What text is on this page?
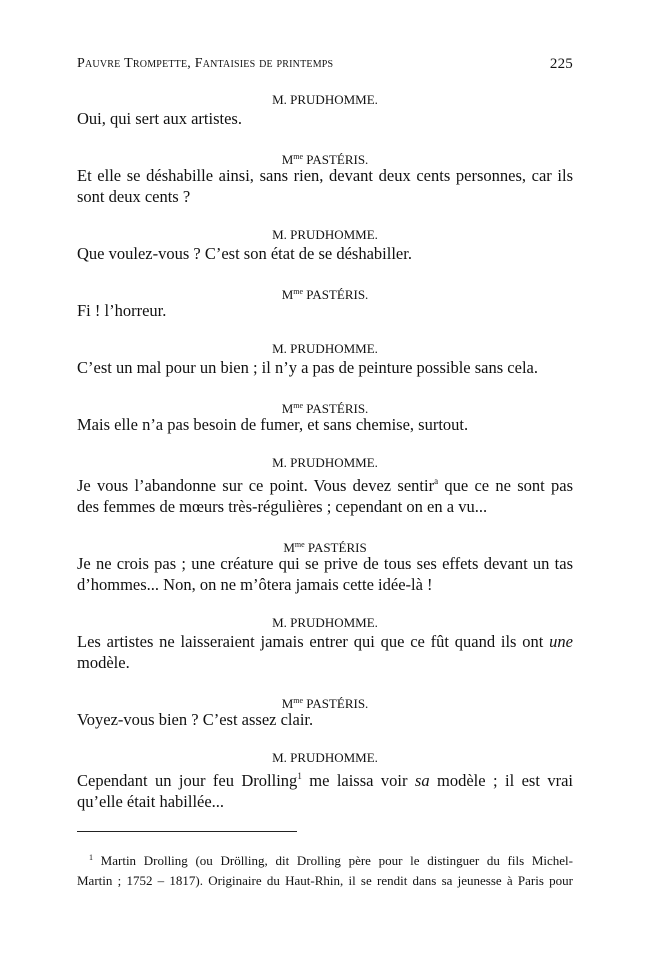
Pauvre Trompette, Fantaisies de printemps	225

M. PRUDHOMME.

Oui, qui sert aux artistes.

$M^{me}$ PASTÉRIS.

Et elle se déshabille ainsi, sans rien, devant deux cents personnes, car ils

sont deux cents ?

M. PRUDHOMME.

Que voulez-vous ? C’est son état de se déshabiller.

$M^{me}$ PASTÉRIS.

Fi ! l’horreur.

M. PRUDHOMME.

C’est un mal pour un bien ; il n’y a pas de peinture possible sans cela.

$M^{me}$ PASTÉRIS.

Mais elle n’a pas besoin de fumer, et sans chemise, surtout.

M. PRUDHOMME.

Je vous l’abandonne sur ce point. Vous devez sentir$^a$ que ce ne sont pas

des femmes de mœurs très-régulières ; cependant on en a vu...

$M^{me}$ PASTÉRIS

Je ne crois pas ; une créature qui se prive de tous ses effets devant un tas

d’hommes... Non, on ne m’ôtera jamais cette idée-là !

M. PRUDHOMME.

Les artistes ne laisseraient jamais entrer qui que ce fût quand ils ont une

modèle.

$M^{me}$ PASTÉRIS.

Voyez-vous bien ? C’est assez clair.

M. PRUDHOMME.

Cependant un jour feu Drolling$^1$ me laissa voir sa modèle ; il est vrai

qu’elle était habillée...

$^1$ Martin Drolling (ou Drölling, dit Drolling père pour le distinguer du fils Michel-
Martin ; 1752 – 1817). Originaire du Haut-Rhin, il se rendit dans sa jeunesse à Paris pour
